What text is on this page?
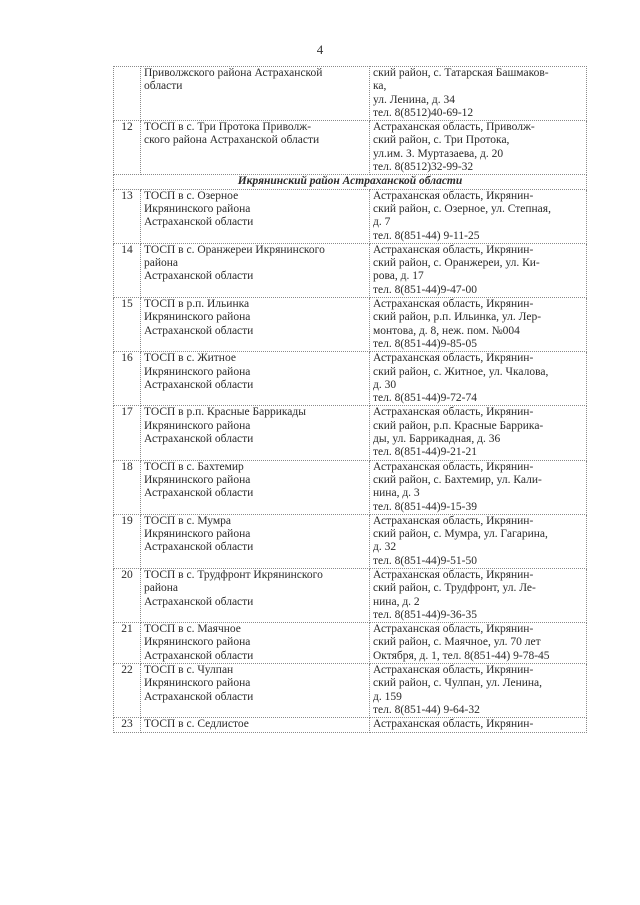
4

	Приволжского района Астраханской
области	ский район, с. Татарская Башмаков-
ка,
ул. Ленина, д. 34
тел. 8(8512)40-69-12

12	ТОСП в с. Три Протока Приволж-
ского района Астраханской области	Астраханская область, Приволж-
ский район, с. Три Протока,
ул.им. З. Муртазаева, д. 20
тел. 8(8512)32-99-32

Икрянинский район Астраханской области		
13	ТОСП в с. Озерное
Икрянинского района
Астраханской области	Астраханская область, Икрянин-
ский район, с. Озерное, ул. Степная,
д. 7
тел. 8(851-44) 9-11-25

14	ТОСП в с. Оранжереи Икрянинского
района
Астраханской области	Астраханская область, Икрянин-
ский район, с. Оранжереи, ул. Ки-
рова, д. 17
тел. 8(851-44)9-47-00

15	ТОСП в р.п. Ильинка
Икрянинского района
Астраханской области	Астраханская область, Икрянин-
ский район, р.п. Ильинка, ул. Лер-
монтова, д. 8, неж. пом. №004
тел. 8(851-44)9-85-05

16	ТОСП в с. Житное
Икрянинского района
Астраханской области	Астраханская область, Икрянин-
ский район, с. Житное, ул. Чкалова,
д. 30
тел. 8(851-44)9-72-74

17	ТОСП в р.п. Красные Баррикады
Икрянинского района
Астраханской области	Астраханская область, Икрянин-
ский район, р.п. Красные Баррика-
ды, ул. Баррикадная, д. 36
тел. 8(851-44)9-21-21

18	ТОСП в с. Бахтемир
Икрянинского района
Астраханской области	Астраханская область, Икрянин-
ский район, с. Бахтемир, ул. Кали-
нина, д. 3
тел. 8(851-44)9-15-39

19	ТОСП в с. Мумра
Икрянинского района
Астраханской области	Астраханская область, Икрянин-
ский район, с. Мумра, ул. Гагарина,
д. 32
тел. 8(851-44)9-51-50

20	ТОСП в с. Трудфронт Икрянинского
района
Астраханской области	Астраханская область, Икрянин-
ский район, с. Трудфронт, ул. Ле-
нина, д. 2
тел. 8(851-44)9-36-35

21	ТОСП в с. Маячное
Икрянинского района
Астраханской области	Астраханская область, Икрянин-
ский район, с. Маячное, ул. 70 лет
Октября, д. 1, тел. 8(851-44) 9-78-45

22	ТОСП в с. Чулпан
Икрянинского района
Астраханской области	Астраханская область, Икрянин-
ский район, с. Чулпан, ул. Ленина,
д. 159
тел. 8(851-44) 9-64-32

23	ТОСП в с. Седлистое	Астраханская область, Икрянин-
